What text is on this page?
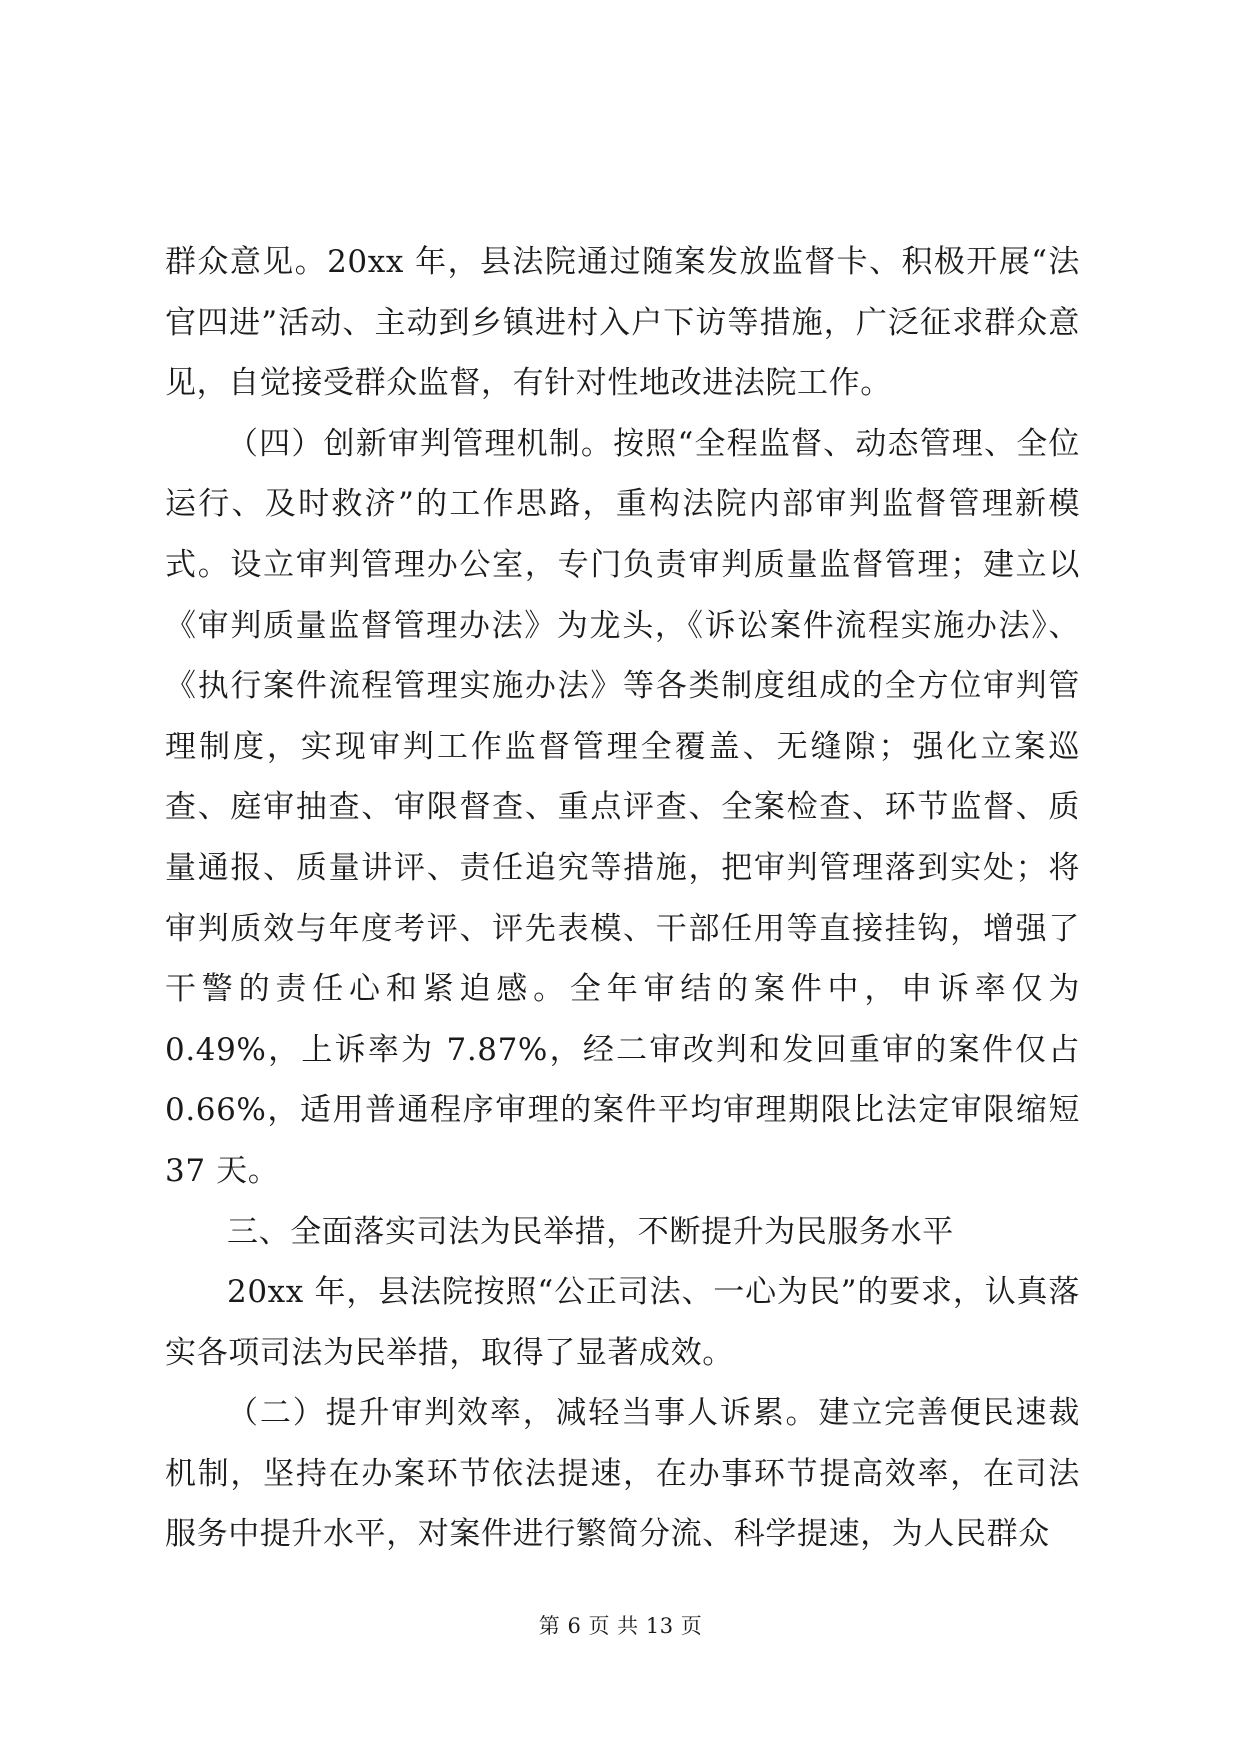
群众意见。20xx 年，县法院通过随案发放监督卡、积极开展“法官四进”活动、主动到乡镇进村入户下访等措施，广泛征求群众意见，自觉接受群众监督，有针对性地改进法院工作。

（四）创新审判管理机制。按照“全程监督、动态管理、全位运行、及时救济”的工作思路，重构法院内部审判监督管理新模式。设立审判管理办公室，专门负责审判质量监督管理；建立以《审判质量监督管理办法》为龙头，《诉讼案件流程实施办法》、《执行案件流程管理实施办法》等各类制度组成的全方位审判管理制度，实现审判工作监督管理全覆盖、无缝隙；强化立案巡查、庭审抽查、审限督查、重点评查、全案检查、环节监督、质量通报、质量讲评、责任追究等措施，把审判管理落到实处；将审判质效与年度考评、评先表模、干部任用等直接挂钩，增强了干警的责任心和紧迫感。全年审结的案件中，申诉率仅为 0.49%，上诉率为 7.87%，经二审改判和发回重审的案件仅占 0.66%，适用普通程序审理的案件平均审理期限比法定审限缩短 37 天。

三、全面落实司法为民举措，不断提升为民服务水平

20xx 年，县法院按照“公正司法、一心为民”的要求，认真落实各项司法为民举措，取得了显著成效。

（二）提升审判效率，减轻当事人诉累。建立完善便民速裁机制，坚持在办案环节依法提速，在办事环节提高效率，在司法服务中提升水平，对案件进行繁简分流、科学提速，为人民群众

第 6 页 共 13 页
